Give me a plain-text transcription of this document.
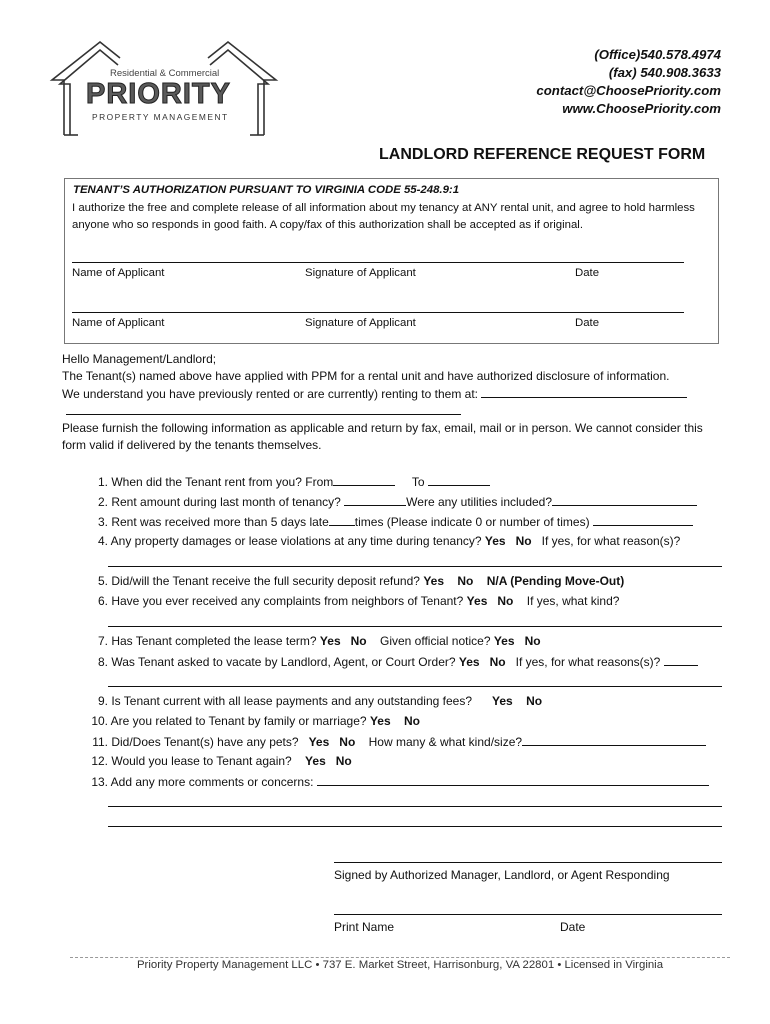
Residential & Commercial
PRIORITY
PROPERTY MANAGEMENT
(Office)540.578.4974
(fax) 540.908.3633
contact@ChoosePriority.com
www.ChoosePriority.com
LANDLORD REFERENCE REQUEST FORM
TENANT’S AUTHORIZATION PURSUANT TO VIRGINIA CODE 55-248.9:1
I authorize the free and complete release of all information about my tenancy at ANY rental unit, and agree to hold harmless anyone who so responds in good faith. A copy/fax of this authorization shall be accepted as if original.
Name of Applicant	Signature of Applicant	Date
Name of Applicant	Signature of Applicant	Date
Hello Management/Landlord;
The Tenant(s) named above have applied with PPM for a rental unit and have authorized disclosure of information.
We understand you have previously rented or are currently) renting to them at:
Please furnish the following information as applicable and return by fax, email, mail or in person. We cannot consider this form valid if delivered by the tenants themselves.
1. When did the Tenant rent from you? From	To
2. Rent amount during last month of tenancy?	Were any utilities included?
3. Rent was received more than 5 days late times (Please indicate 0 or number of times)
4. Any property damages or lease violations at any time during tenancy? Yes No If yes, for what reason(s)?
5. Did/will the Tenant receive the full security deposit refund? Yes No N/A (Pending Move-Out)
6. Have you ever received any complaints from neighbors of Tenant? Yes No If yes, what kind?
7. Has Tenant completed the lease term? Yes No Given official notice? Yes No
8. Was Tenant asked to vacate by Landlord, Agent, or Court Order? Yes No If yes, for what reasons(s)?
9. Is Tenant current with all lease payments and any outstanding fees? Yes No
10. Are you related to Tenant by family or marriage? Yes No
11. Did/Does Tenant(s) have any pets? Yes No How many & what kind/size?
12. Would you lease to Tenant again? Yes No
13. Add any more comments or concerns:
Signed by Authorized Manager, Landlord, or Agent Responding
Print Name	Date
Priority Property Management LLC • 737 E. Market Street, Harrisonburg, VA 22801 • Licensed in Virginia
